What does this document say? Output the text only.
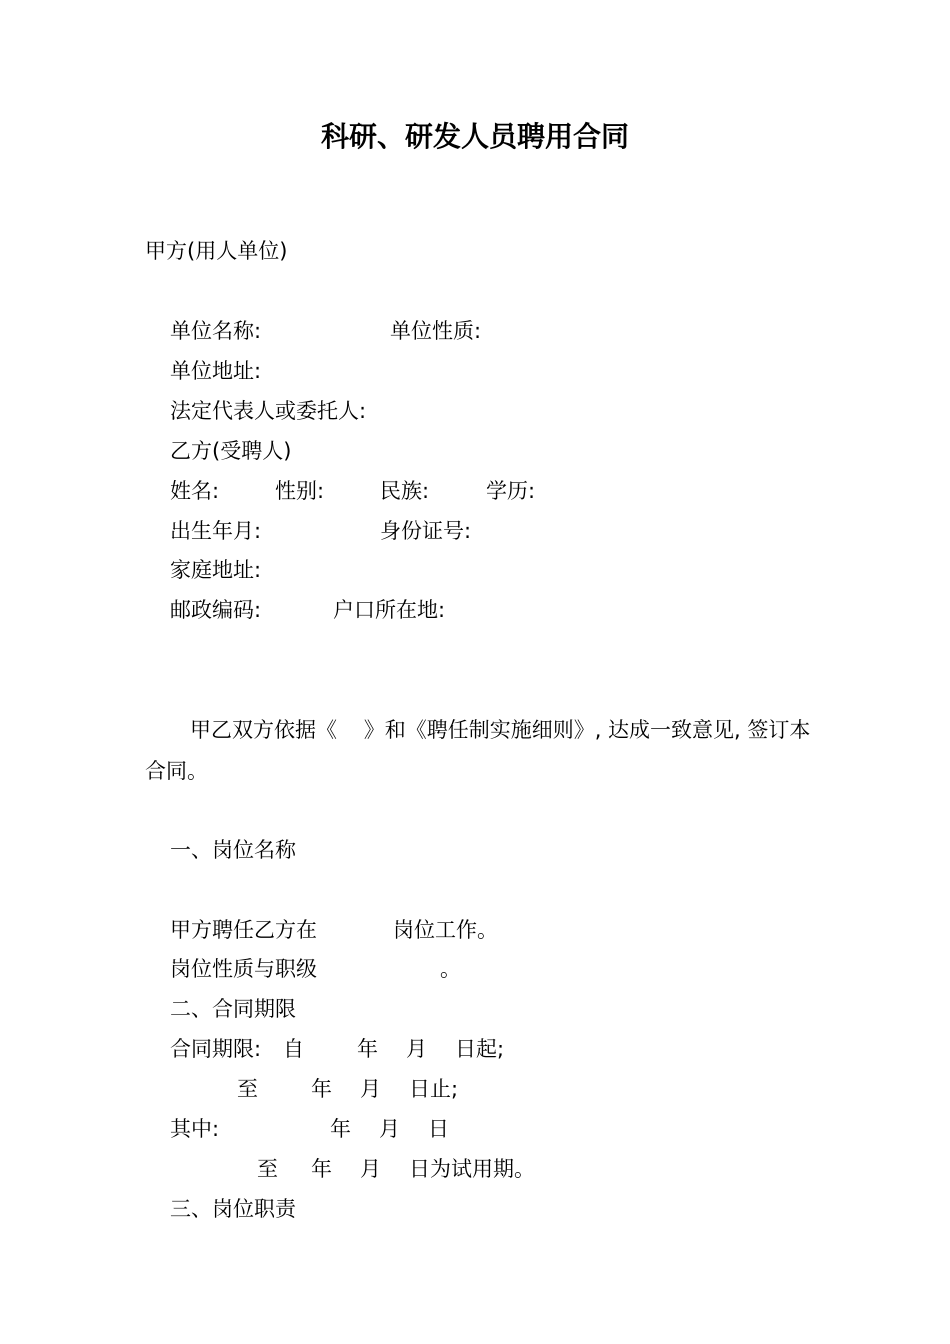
科研、研发人员聘用合同
甲方(用人单位)
单位名称:	单位性质:
单位地址:
法定代表人或委托人:
乙方(受聘人)
姓名:	性别:	民族:	学历:
出生年月:	身份证号:
家庭地址:
邮政编码:	户口所在地:
甲乙双方依据《    》和《聘任制实施细则》, 达成一致意见, 签订本
合同。
一、岗位名称
甲方聘任乙方在	岗位工作。
岗位性质与职级	。
二、合同期限
合同期限: 自	年 月 日起;
至	年 月 日止;
其中:	年 月 日
至 年 月 日为试用期。
三、岗位职责
